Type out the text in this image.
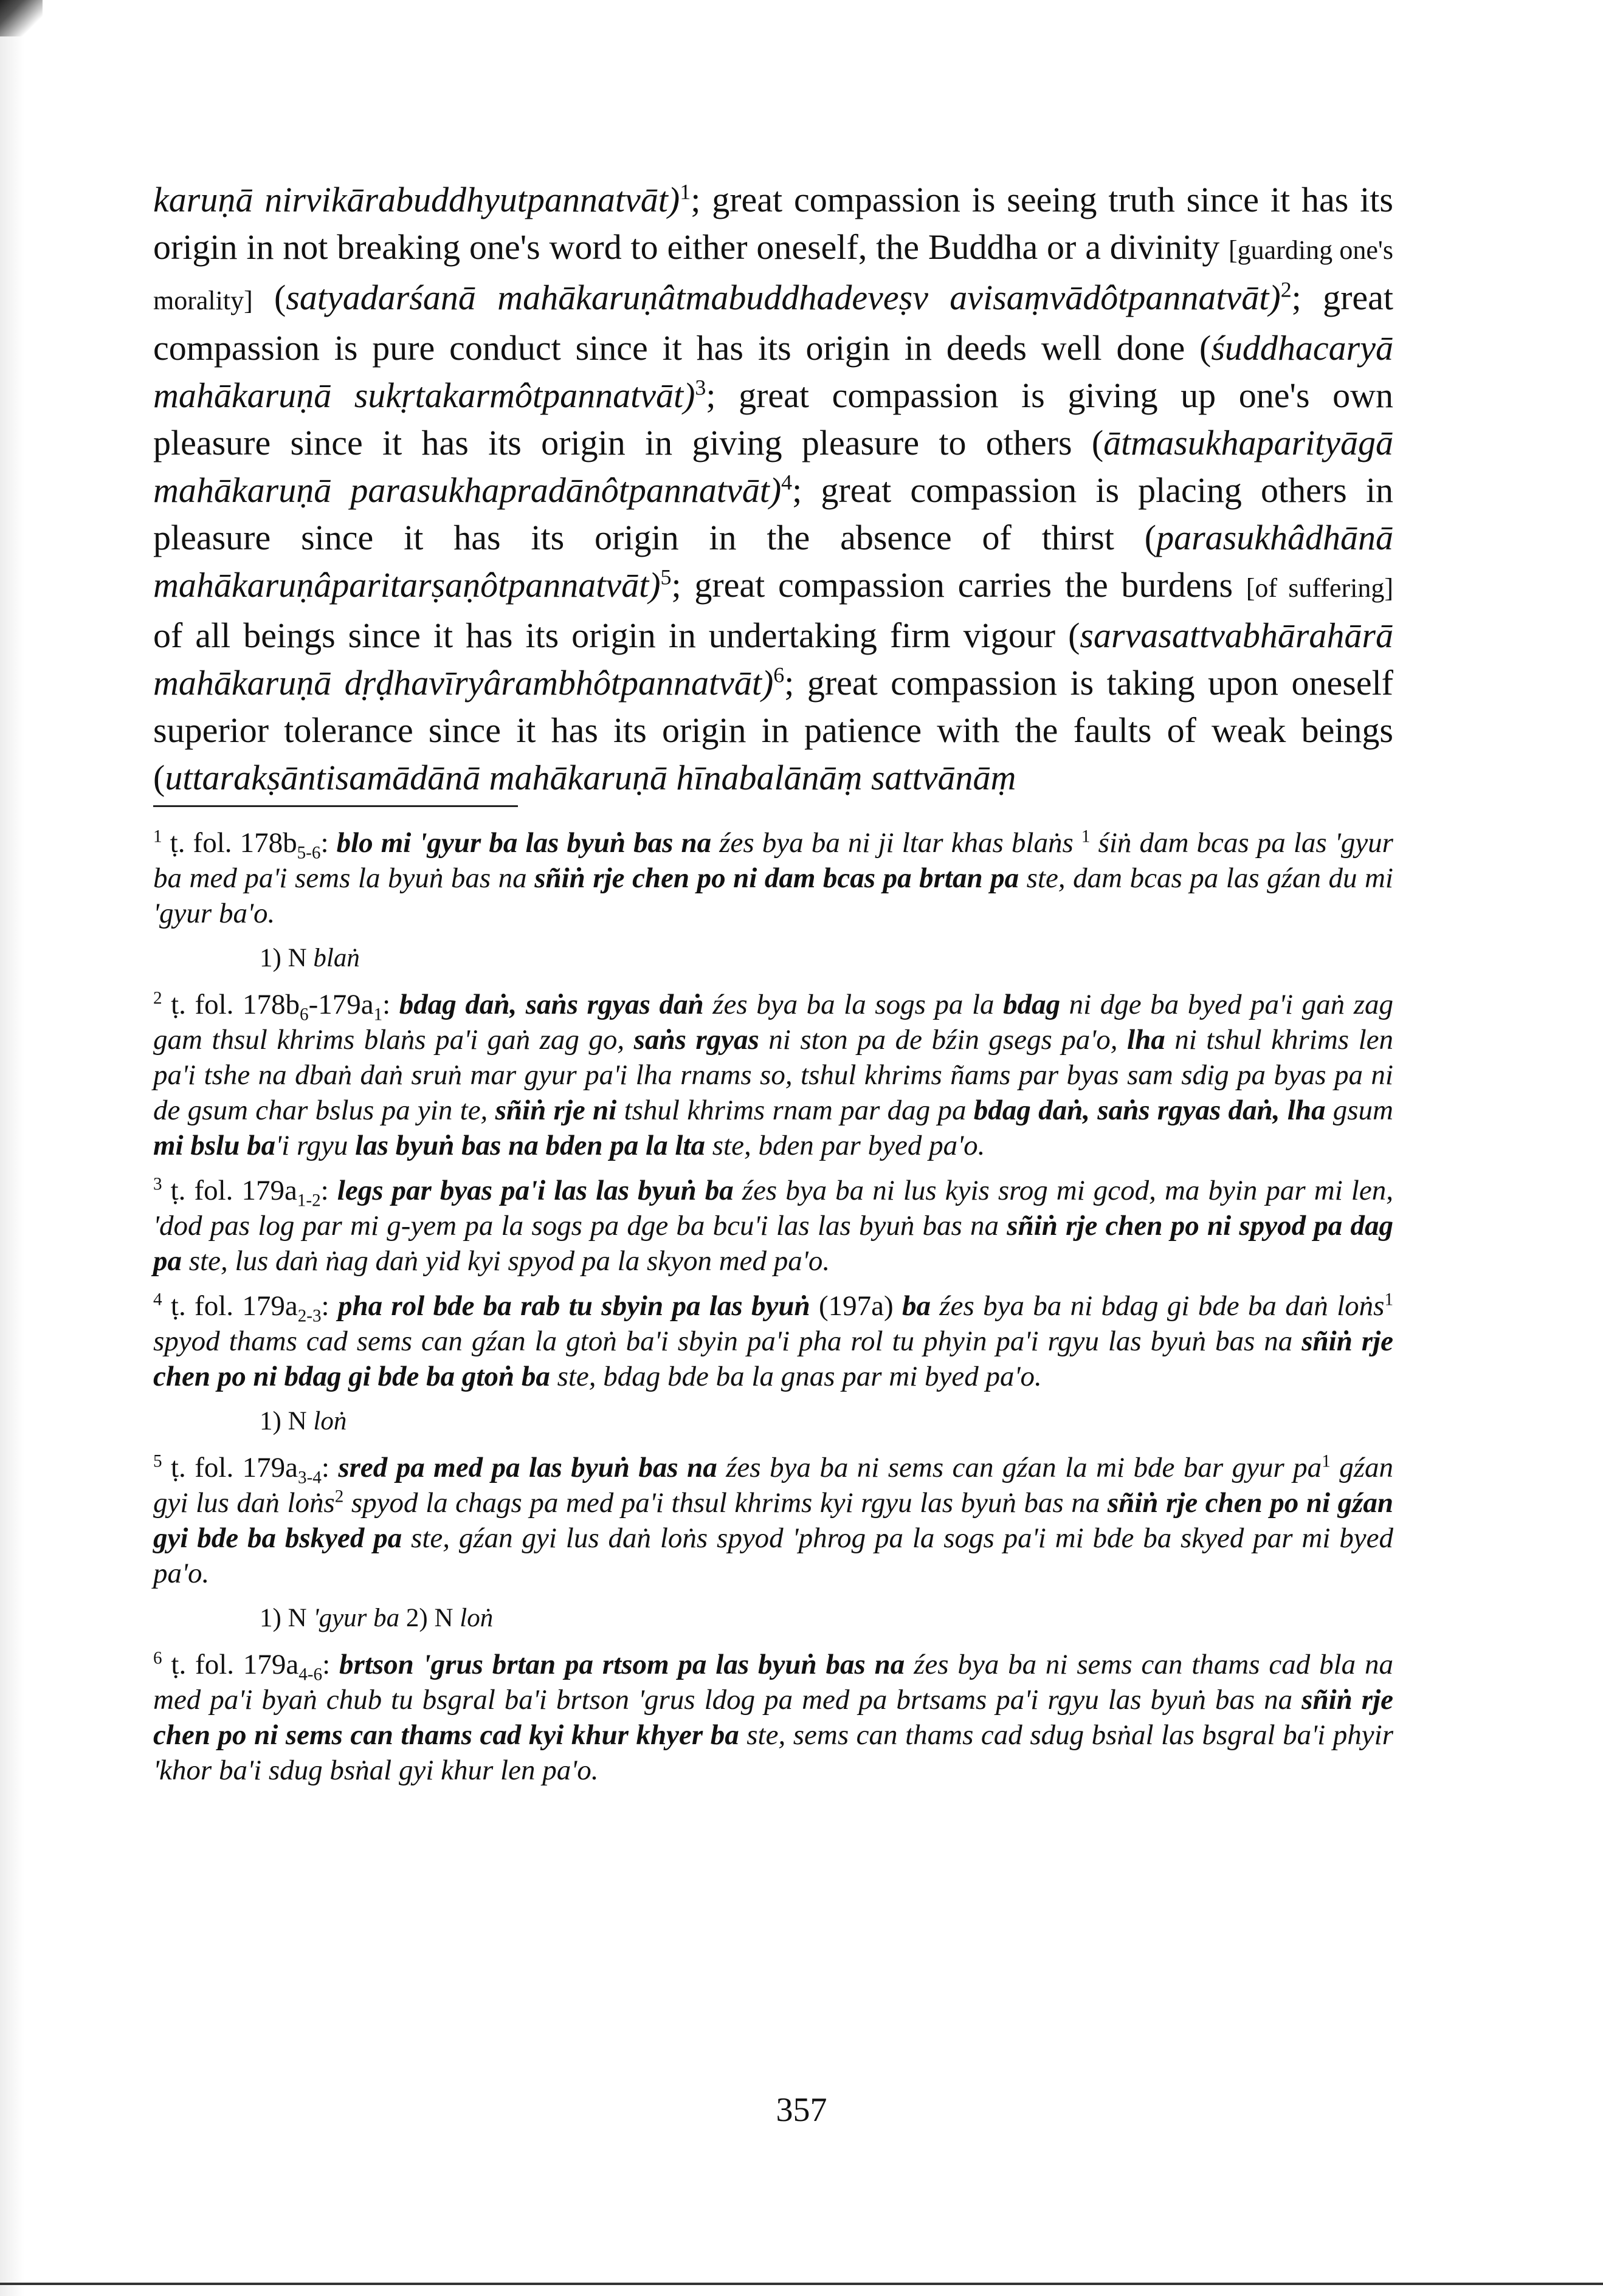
karuṇā nirvikārabuddhyutpannatvāt)$^1$; great compassion is seeing truth since it has its origin in not breaking one's word to either oneself, the Buddha or a divinity [guarding one's morality] (satyadarśanā mahākaruṇâtmabuddhadeveṣv avisaṃvādôtpannatvāt)$^2$; great compassion is pure conduct since it has its origin in deeds well done (śuddhacaryā mahākaruṇā sukṛtakarmôtpannatvāt)$^3$; great compassion is giving up one's own pleasure since it has its origin in giving pleasure to others (ātmasukhaparityāgā mahākaruṇā parasukhapradānôtpannatvāt)$^4$; great compassion is placing others in pleasure since it has its origin in the absence of thirst (parasukhâdhānā mahākaruṇâparitarṣaṇôtpannatvāt)$^5$; great compassion carries the burdens [of suffering] of all beings since it has its origin in undertaking firm vigour (sarvasattvabhārahārā mahākaruṇā dṛḍhavīryârambhôtpannatvāt)$^6$; great compassion is taking upon oneself superior tolerance since it has its origin in patience with the faults of weak beings (uttarakṣāntisamādānā mahākaruṇā hīnabalānāṃ sattvānāṃ

$^1$ ṭ. fol. $178b_{5-6}$: blo mi 'gyur ba las byuṅ bas na źes bya ba ni ji ltar khas blaṅs $^1$ śiṅ dam bcas pa las 'gyur ba med pa'i sems la byuṅ bas na sñiṅ rje chen po ni dam bcas pa brtan pa ste, dam bcas pa las gźan du mi 'gyur ba'o.

1) N blaṅ

$^2$ ṭ. fol. $178b_6-179a_1$: bdag daṅ, saṅs rgyas daṅ źes bya ba la sogs pa la bdag ni dge ba byed pa'i gaṅ zag gam thsul khrims blaṅs pa'i gaṅ zag go, saṅs rgyas ni ston pa de bźin gsegs pa'o, lha ni tshul khrims len pa'i tshe na dbaṅ daṅ sruṅ mar gyur pa'i lha rnams so, tshul khrims ñams par byas sam sdig pa byas pa ni de gsum char bslus pa yin te, sñiṅ rje ni tshul khrims rnam par dag pa bdag daṅ, saṅs rgyas daṅ, lha gsum mi bslu ba'i rgyu las byuṅ bas na bden pa la lta ste, bden par byed pa'o.

$^3$ ṭ. fol. $179a_{1-2}$: legs par byas pa'i las las byuṅ ba źes bya ba ni lus kyis srog mi gcod, ma byin par mi len, 'dod pas log par mi g-yem pa la sogs pa dge ba bcu'i las las byuṅ bas na sñiṅ rje chen po ni spyod pa dag pa ste, lus daṅ ṅag daṅ yid kyi spyod pa la skyon med pa'o.

$^4$ ṭ. fol. $179a_{2-3}$: pha rol bde ba rab tu sbyin pa las byuṅ (197a) ba źes bya ba ni bdag gi bde ba daṅ loṅs$^1$ spyod thams cad sems can gźan la gtoṅ ba'i sbyin pa'i pha rol tu phyin pa'i rgyu las byuṅ bas na sñiṅ rje chen po ni bdag gi bde ba gtoṅ ba ste, bdag bde ba la gnas par mi byed pa'o.

1) N loṅ

$^5$ ṭ. fol. $179a_{3-4}$: sred pa med pa las byuṅ bas na źes bya ba ni sems can gźan la mi bde bar gyur $pa^1$ gźan gyi lus daṅ loṅs$^2$ spyod la chags pa med pa'i thsul khrims kyi rgyu las byuṅ bas na sñiṅ rje chen po ni gźan gyi bde ba bskyed pa ste, gźan gyi lus daṅ loṅs spyod 'phrog pa la sogs pa'i mi bde ba skyed par mi byed pa'o.

1) N 'gyur ba 2) N loṅ

$^6$ ṭ. fol. $179a_{4-6}$: brtson 'grus brtan pa rtsom pa las byuṅ bas na źes bya ba ni sems can thams cad bla na med pa'i byaṅ chub tu bsgral ba'i brtson 'grus ldog pa med pa brtsams pa'i rgyu las byuṅ bas na sñiṅ rje chen po ni sems can thams cad kyi khur khyer ba ste, sems can thams cad sdug bsṅal las bsgral ba'i phyir 'khor ba'i sdug bsṅal gyi khur len pa'o.

357
